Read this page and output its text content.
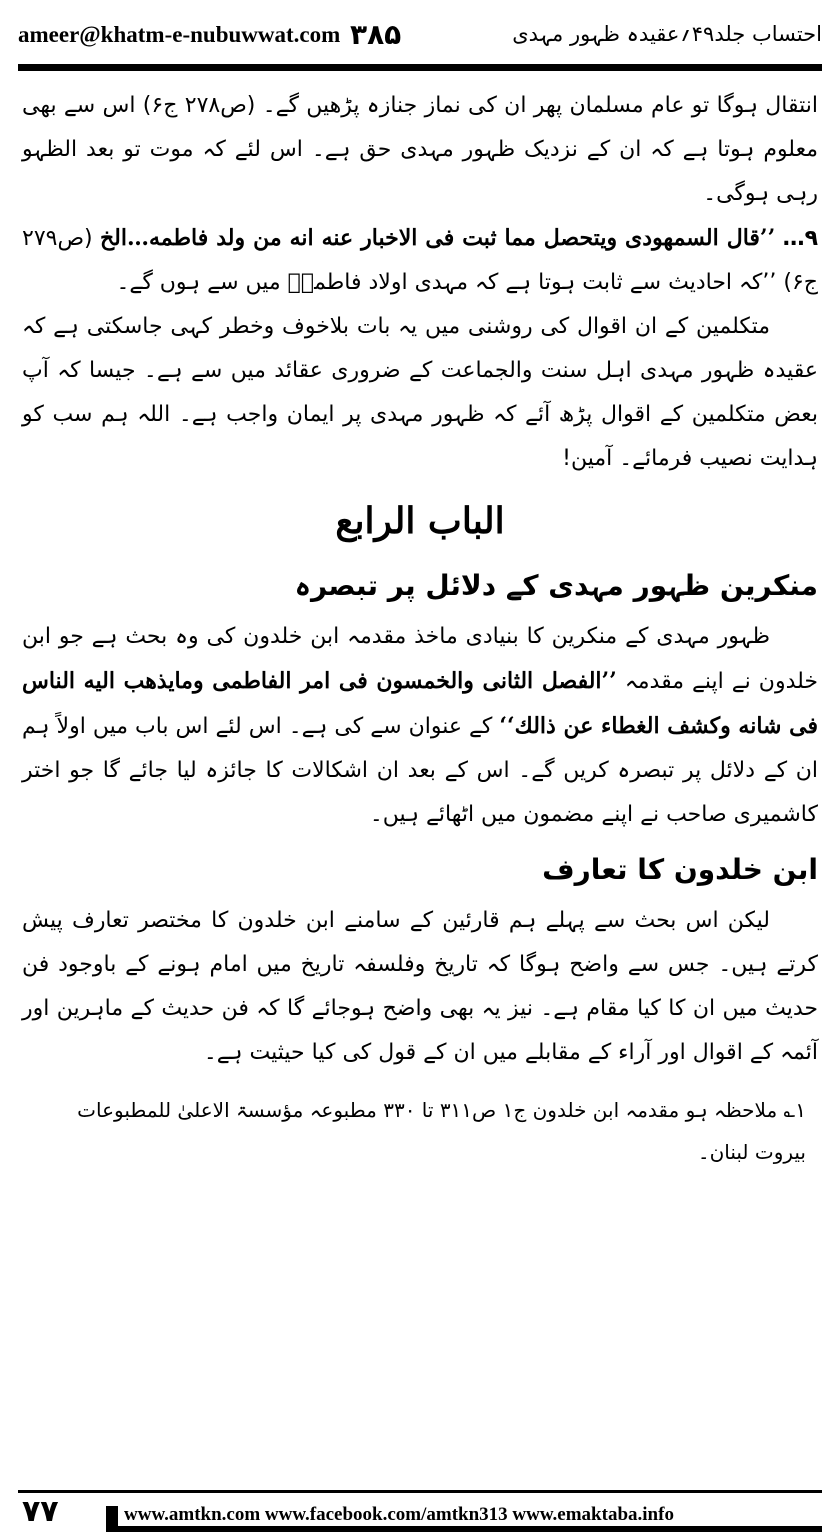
ameer@khatm-e-nubuwwat.com ۳۸۵	احتساب جلد۴۹؍عقیدہ ظہور مہدی

انتقال ہوگا تو عام مسلمان پھر ان کی نماز جنازہ پڑھیں گے۔ (ص۲۷۸ ج۶) اس سے بھی معلوم ہوتا ہے کہ ان کے نزدیک ظہور مہدی حق ہے۔ اس لئے کہ موت تو بعد الظہو رہی ہوگی۔

۹… ’’قال السمهودی ویتحصل مما ثبت فی الاخبار عنه انه من ولد فاطمه…الخ (ص۲۷۹ ج۶) ’’کہ احادیث سے ثابت ہوتا ہے کہ مہدی اولاد فاطمہؓ میں سے ہوں گے۔

متکلمین کے ان اقوال کی روشنی میں یہ بات بلاخوف وخطر کہی جاسکتی ہے کہ عقیدہ ظہور مہدی اہل سنت والجماعت کے ضروری عقائد میں سے ہے۔ جیسا کہ آپ بعض متکلمین کے اقوال پڑھ آئے کہ ظہور مہدی پر ایمان واجب ہے۔ اللہ ہم سب کو ہدایت نصیب فرمائے۔ آمین!

الباب الرابع

منکرین ظہور مہدی کے دلائل پر تبصرہ

ظہور مہدی کے منکرین کا بنیادی ماخذ مقدمہ ابن خلدون کی وہ بحث ہے جو ابن خلدون نے اپنے مقدمہ ’’الفصل الثانی والخمسون فی امر الفاطمی ومایذهب الیه الناس فی شانه وکشف الغطاء عن ذالك‘‘ کے عنوان سے کی ہے۔ اس لئے اس باب میں اولاً ہم ان کے دلائل پر تبصرہ کریں گے۔ اس کے بعد ان اشکالات کا جائزہ لیا جائے گا جو اختر کاشمیری صاحب نے اپنے مضمون میں اٹھائے ہیں۔

ابن خلدون کا تعارف

لیکن اس بحث سے پہلے ہم قارئین کے سامنے ابن خلدون کا مختصر تعارف پیش کرتے ہیں۔ جس سے واضح ہوگا کہ تاریخ وفلسفہ تاریخ میں امام ہونے کے باوجود فن حدیث میں ان کا کیا مقام ہے۔ نیز یہ بھی واضح ہوجائے گا کہ فن حدیث کے ماہرین اور آئمہ کے اقوال اور آراء کے مقابلے میں ان کے قول کی کیا حیثیت ہے۔

۱؎ ملاحظہ ہو مقدمہ ابن خلدون ج۱ ص۳۱۱ تا ۳۳۰ مطبوعہ مؤسسۃ الاعلیٰ للمطبوعات بیروت لبنان۔

۷۷	www.amtkn.com www.facebook.com/amtkn313 www.emaktaba.info
